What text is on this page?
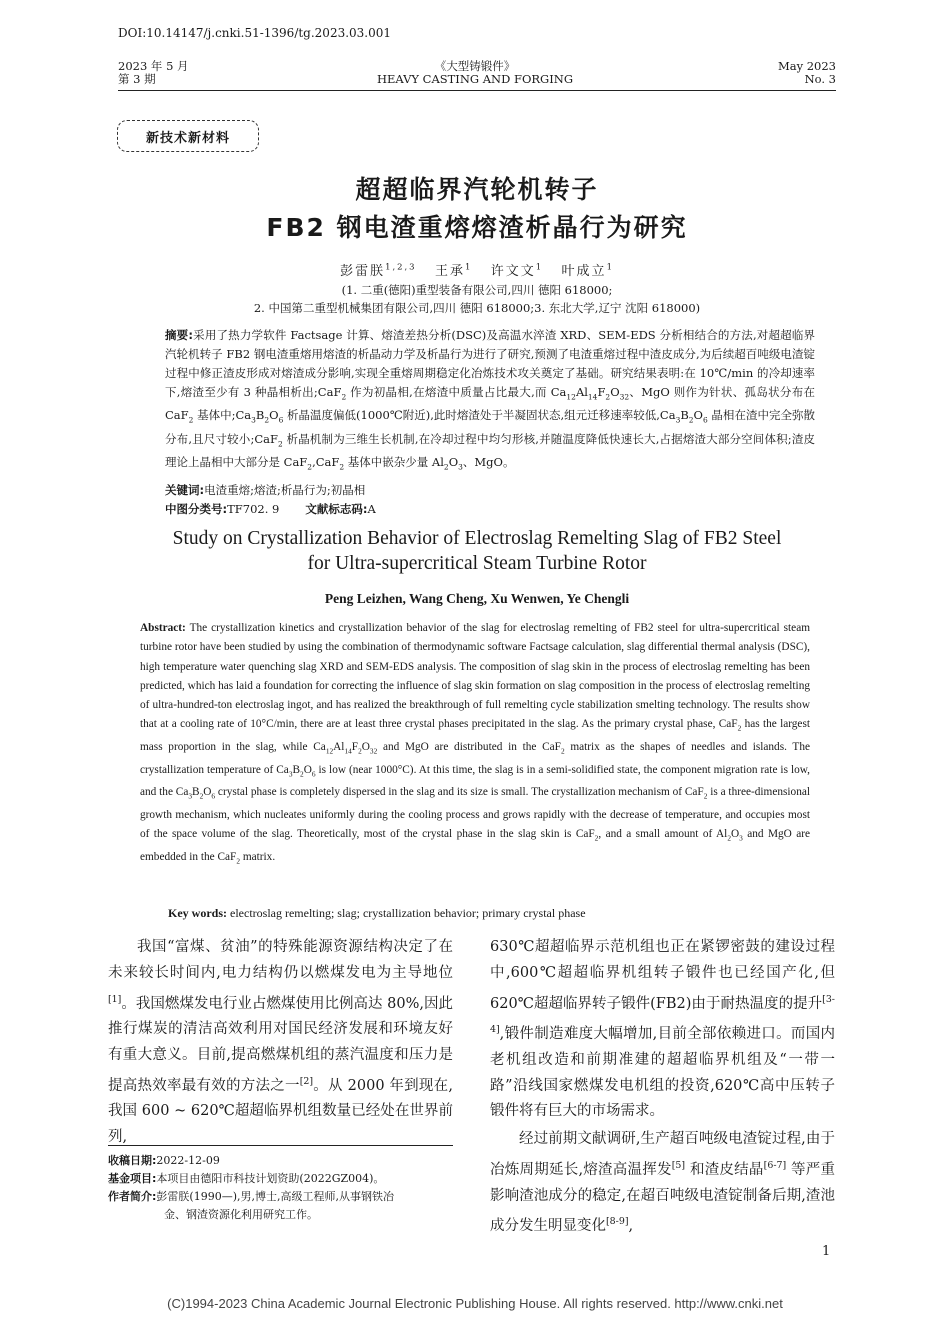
DOI:10.14147/j.cnki.51-1396/tg.2023.03.001
2023 年 5 月
第 3 期
《大型铸锻件》
HEAVY CASTING AND FORGING
May 2023
No. 3
新技术新材料
超超临界汽轮机转子
FB2 钢电渣重熔熔渣析晶行为研究
彭雷朕$^{1,2,3}$ 王承$^1$ 许文文$^1$ 叶成立$^1$
(1. 二重(德阳)重型装备有限公司,四川 德阳 618000;
2. 中国第二重型机械集团有限公司,四川 德阳 618000;3. 东北大学,辽宁 沈阳 618000)
摘要:采用了热力学软件 Factsage 计算、熔渣差热分析(DSC)及高温水淬渣 XRD、SEM-EDS 分析相结合的方法,对超超临界汽轮机转子 FB2 钢电渣重熔用熔渣的析晶动力学及析晶行为进行了研究,预测了电渣重熔过程中渣皮成分,为后续超百吨级电渣锭过程中修正渣皮形成对熔渣成分影响,实现全重熔周期稳定化冶炼技术攻关奠定了基础。研究结果表明:在 10℃/min 的冷却速率下,熔渣至少有 3 种晶相析出;CaF$_2$ 作为初晶相,在熔渣中质量占比最大,而 $Ca_{12}Al_{14}F_2O_{32}$、MgO 则作为针状、孤岛状分布在 CaF$_2$ 基体中$;Ca_3B_2O_6$ 析晶温度偏低(1000℃附近),此时熔渣处于半凝固状态,组元迁移速率较低$,Ca_3B_2O_6$ 晶相在渣中完全弥散分布,且尺寸较小;CaF$_2$ 析晶机制为三维生长机制,在冷却过程中均匀形核,并随温度降低快速长大,占据熔渣大部分空间体积;渣皮理论上晶相中大部分是 CaF$_2$,CaF$_2$ 基体中嵌杂少量 $Al_2O_3$、MgO。
关键词:电渣重熔;熔渣;析晶行为;初晶相
中图分类号:TF702. 9 文献标志码:A
Study on Crystallization Behavior of Electroslag Remelting Slag of FB2 Steel
for Ultra-supercritical Steam Turbine Rotor
Peng Leizhen, Wang Cheng, Xu Wenwen, Ye Chengli
Abstract: The crystallization kinetics and crystallization behavior of the slag for electroslag remelting of FB2 steel for ultra-supercritical steam turbine rotor have been studied by using the combination of thermodynamic software Factsage calculation, slag differential thermal analysis (DSC), high temperature water quenching slag XRD and SEM-EDS analysis. The composition of slag skin in the process of electroslag remelting has been predicted, which has laid a foundation for correcting the influence of slag skin formation on slag composition in the process of electroslag remelting of ultra-hundred-ton electroslag ingot, and has realized the breakthrough of full remelting cycle stabilization smelting technology. The results show that at a cooling rate of 10°C/min, there are at least three crystal phases precipitated in the slag. As the primary crystal phase, CaF$_2$ has the largest mass proportion in the slag, while $Ca_{12}Al_{14}F_2O_{32}$ and MgO are distributed in the CaF$_2$ matrix as the shapes of needles and islands. The crystallization temperature of $Ca_3B_2O_6$ is low (near 1000°C). At this time, the slag is in a semi-solidified state, the component migration rate is low, and the $Ca_3B_2O_6$ crystal phase is completely dispersed in the slag and its size is small. The crystallization mechanism of CaF$_2$ is a three-dimensional growth mechanism, which nucleates uniformly during the cooling process and grows rapidly with the decrease of temperature, and occupies most of the space volume of the slag. Theoretically, most of the crystal phase in the slag skin is CaF$_2$, and a small amount of $Al_2O_3$ and MgO are embedded in the CaF$_2$ matrix.
Key words: electroslag remelting; slag; crystallization behavior; primary crystal phase
我国“富煤、贫油”的特殊能源资源结构决定了在未来较长时间内,电力结构仍以燃煤发电为主导地位[1]。我国燃煤发电行业占燃煤使用比例高达 80%,因此推行煤炭的清洁高效利用对国民经济发展和环境友好有重大意义。目前,提高燃煤机组的蒸汽温度和压力是提高热效率最有效的方法之一[2]。从 2000 年到现在,我国 600 ~ 620℃超超临界机组数量已经处在世界前列,

630℃超超临界示范机组也正在紧锣密鼓的建设过程中,600℃超超临界机组转子锻件也已经国产化,但 620℃超超临界转子锻件(FB2)由于耐热温度的提升[3-4],锻件制造难度大幅增加,目前全部依赖进口。而国内老机组改造和前期准建的超超临界机组及“一带一路”沿线国家燃煤发电机组的投资,620℃高中压转子锻件将有巨大的市场需求。

经过前期文献调研,生产超百吨级电渣锭过程,由于冶炼周期延长,熔渣高温挥发[5] 和渣皮结晶[6-7] 等严重影响渣池成分的稳定,在超百吨级电渣锭制备后期,渣池成分发生明显变化[8-9],

收稿日期:2022-12-09
基金项目:本项目由德阳市科技计划资助(2022GZ004)。
作者简介:彭雷朕(1990—),男,博士,高级工程师,从事钢铁冶
金、钢渣资源化利用研究工作。
1
(C)1994-2023 China Academic Journal Electronic Publishing House. All rights reserved. http://www.cnki.net
